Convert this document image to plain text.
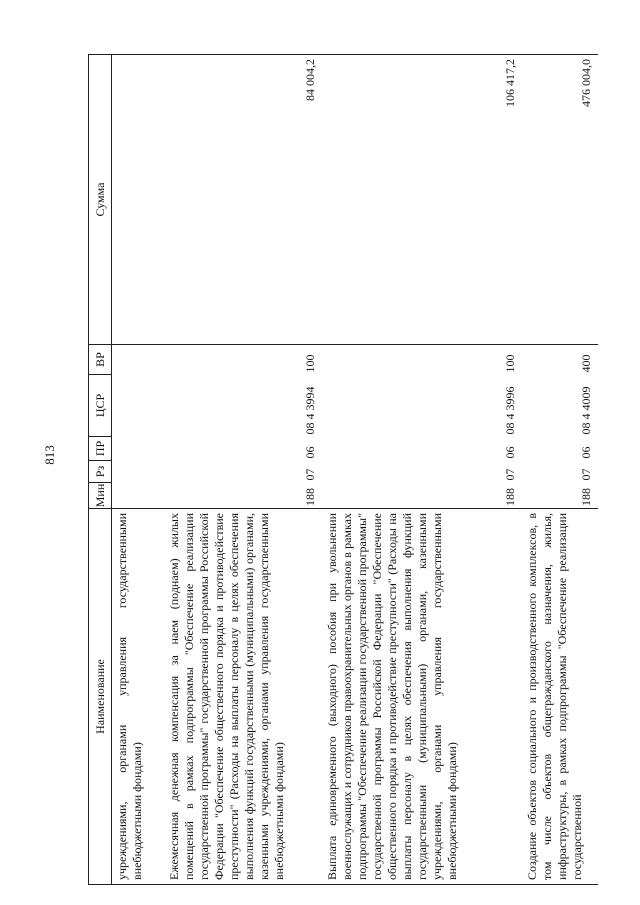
813
Наименование	Мин	Рз	ПР	ЦСР	ВР	Сумма
учреждениями, органами управления государственными внебюджетными фондами)						
Ежемесячная денежная компенсация за наем (поднаем) жилых помещений в рамках подпрограммы "Обеспечение реализации государственной программы" государственной программы Российской Федерации "Обеспечение общественного порядка и противодействие преступности" (Расходы на выплаты персоналу в целях обеспечения выполнения функций государственными (муниципальными) органами, казенными учреждениями, органами управления государственными внебюджетными фондами)	188	07	06	08 4 3994	100	84 004,2
Выплата единовременного (выходного) пособия при увольнении военнослужащих и сотрудников правоохранительных органов в рамках подпрограммы "Обеспечение реализации государственной программы" государственной программы Российской Федерации "Обеспечение общественного порядка и противодействие преступности" (Расходы на выплаты персоналу в целях обеспечения выполнения функций государственными (муниципальными) органами, казенными учреждениями, органами управления государственными внебюджетными фондами)	188	07	06	08 4 3996	100	106 417,2
Создание объектов социального и производственного комплексов, в том числе объектов общегражданского назначения, жилья, инфраструктуры, в рамках подпрограммы "Обеспечение реализации государственной	188	07	06	08 4 4009	400	476 004,0
